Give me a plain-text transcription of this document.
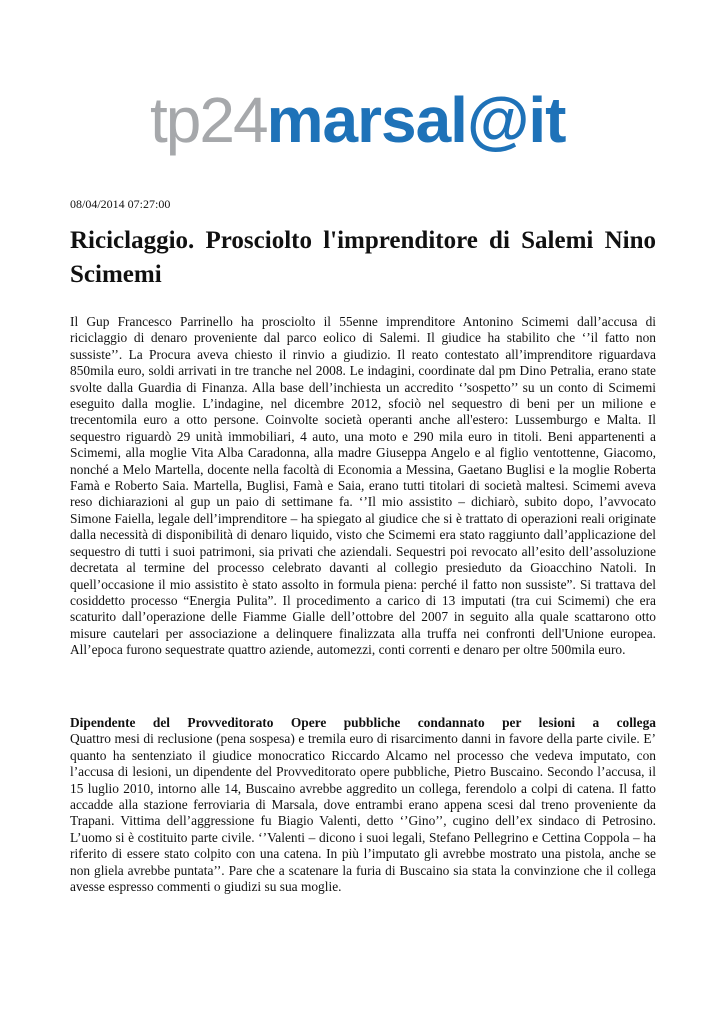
tp24marsal@it
08/04/2014 07:27:00
Riciclaggio. Prosciolto l'imprenditore di Salemi Nino Scimemi

Il Gup Francesco Parrinello ha prosciolto il 55enne imprenditore Antonino Scimemi dall’accusa di riciclaggio di denaro proveniente dal parco eolico di Salemi. Il giudice ha stabilito che ‘’il fatto non sussiste’’. La Procura aveva chiesto il rinvio a giudizio. Il reato contestato all’imprenditore riguardava 850mila euro, soldi arrivati in tre tranche nel 2008. Le indagini, coordinate dal pm Dino Petralia, erano state svolte dalla Guardia di Finanza. Alla base dell’inchiesta un accredito ‘’sospetto’’ su un conto di Scimemi eseguito dalla moglie. L’indagine, nel dicembre 2012, sfociò nel sequestro di beni per un milione e trecentomila euro a otto persone. Coinvolte società operanti anche all'estero: Lussemburgo e Malta. Il sequestro riguardò 29 unità immobiliari, 4 auto, una moto e 290 mila euro in titoli. Beni appartenenti a Scimemi, alla moglie Vita Alba Caradonna, alla madre Giuseppa Angelo e al figlio ventottenne, Giacomo, nonché a Melo Martella, docente nella facoltà di Economia a Messina, Gaetano Buglisi e la moglie Roberta Famà e Roberto Saia. Martella, Buglisi, Famà e Saia, erano tutti titolari di società maltesi. Scimemi aveva reso dichiarazioni al gup un paio di settimane fa. ‘’Il mio assistito – dichiarò, subito dopo, l’avvocato Simone Faiella, legale dell’imprenditore – ha spiegato al giudice che si è trattato di operazioni reali originate dalla necessità di disponibilità di denaro liquido, visto che Scimemi era stato raggiunto dall’applicazione del sequestro di tutti i suoi patrimoni, sia privati che aziendali. Sequestri poi revocato all’esito dell’assoluzione decretata al termine del processo celebrato davanti al collegio presieduto da Gioacchino Natoli. In quell’occasione il mio assistito è stato assolto in formula piena: perché il fatto non sussiste”. Si trattava del cosiddetto processo “Energia Pulita”. Il procedimento a carico di 13 imputati (tra cui Scimemi) che era scaturito dall’operazione delle Fiamme Gialle dell’ottobre del 2007 in seguito alla quale scattarono otto misure cautelari per associazione a delinquere finalizzata alla truffa nei confronti dell'Unione europea. All’epoca furono sequestrate quattro aziende, automezzi, conti correnti e denaro per oltre 500mila euro.

Dipendente del Provveditorato Opere pubbliche condannato per lesioni a collega
Quattro mesi di reclusione (pena sospesa) e tremila euro di risarcimento danni in favore della parte civile. E’ quanto ha sentenziato il giudice monocratico Riccardo Alcamo nel processo che vedeva imputato, con l’accusa di lesioni, un dipendente del Provveditorato opere pubbliche, Pietro Buscaino. Secondo l’accusa, il 15 luglio 2010, intorno alle 14, Buscaino avrebbe aggredito un collega, ferendolo a colpi di catena. Il fatto accadde alla stazione ferroviaria di Marsala, dove entrambi erano appena scesi dal treno proveniente da Trapani. Vittima dell’aggressione fu Biagio Valenti, detto ‘’Gino’’, cugino dell’ex sindaco di Petrosino. L’uomo si è costituito parte civile. ‘’Valenti – dicono i suoi legali, Stefano Pellegrino e Cettina Coppola – ha riferito di essere stato colpito con una catena. In più l’imputato gli avrebbe mostrato una pistola, anche se non gliela avrebbe puntata’’. Pare che a scatenare la furia di Buscaino sia stata la convinzione che il collega avesse espresso commenti o giudizi su sua moglie.
